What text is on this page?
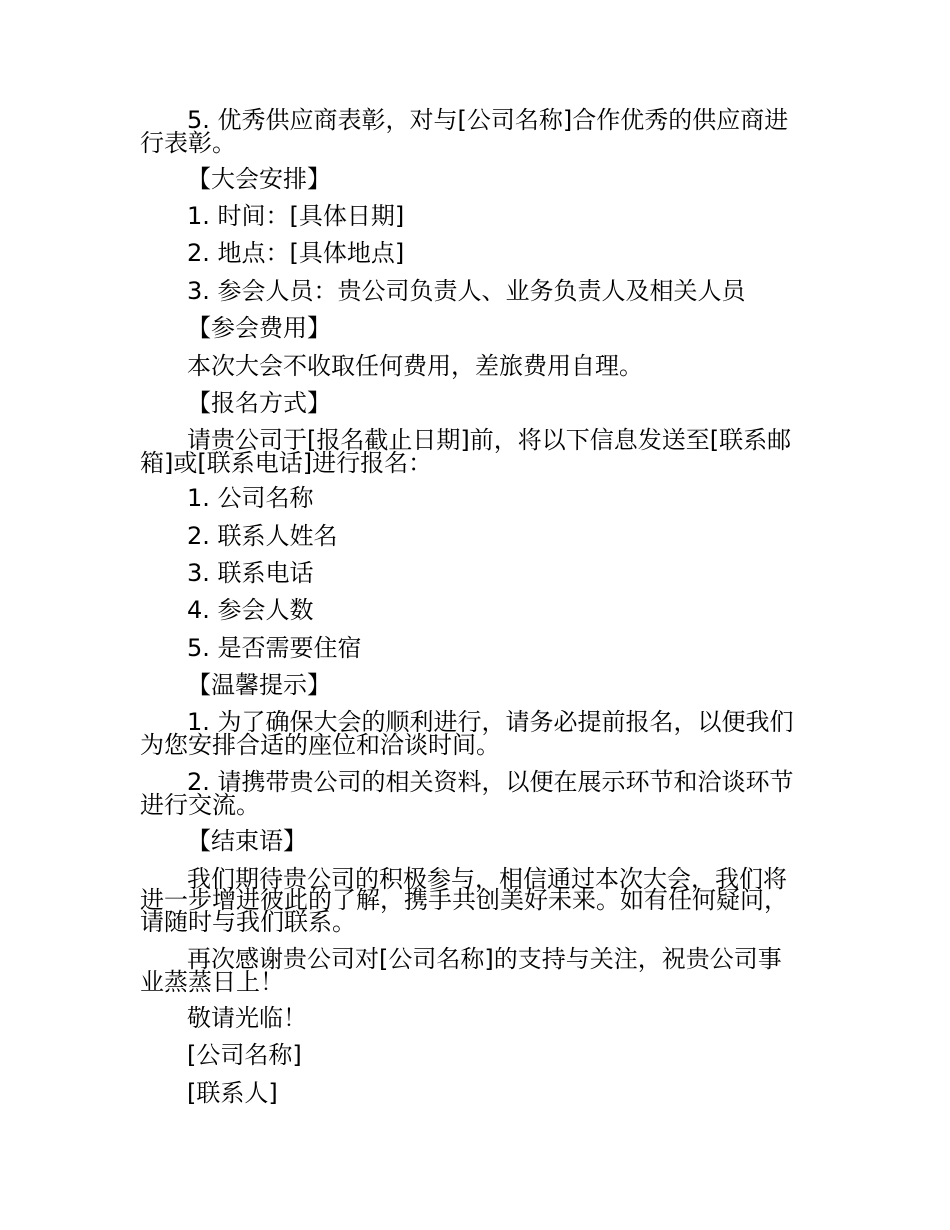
5. 优秀供应商表彰，对与[公司名称]合作优秀的供应商进
行表彰。
【大会安排】
1. 时间：[具体日期]
2. 地点：[具体地点]
3. 参会人员：贵公司负责人、业务负责人及相关人员
【参会费用】
本次大会不收取任何费用，差旅费用自理。
【报名方式】
请贵公司于[报名截止日期]前，将以下信息发送至[联系邮
箱]或[联系电话]进行报名：
1. 公司名称
2. 联系人姓名
3. 联系电话
4. 参会人数
5. 是否需要住宿
【温馨提示】
1. 为了确保大会的顺利进行，请务必提前报名，以便我们
为您安排合适的座位和洽谈时间。
2. 请携带贵公司的相关资料，以便在展示环节和洽谈环节
进行交流。
【结束语】
我们期待贵公司的积极参与，相信通过本次大会，我们将
进一步增进彼此的了解，携手共创美好未来。如有任何疑问，
请随时与我们联系。
再次感谢贵公司对[公司名称]的支持与关注，祝贵公司事
业蒸蒸日上！
敬请光临！
[公司名称]
[联系人]
